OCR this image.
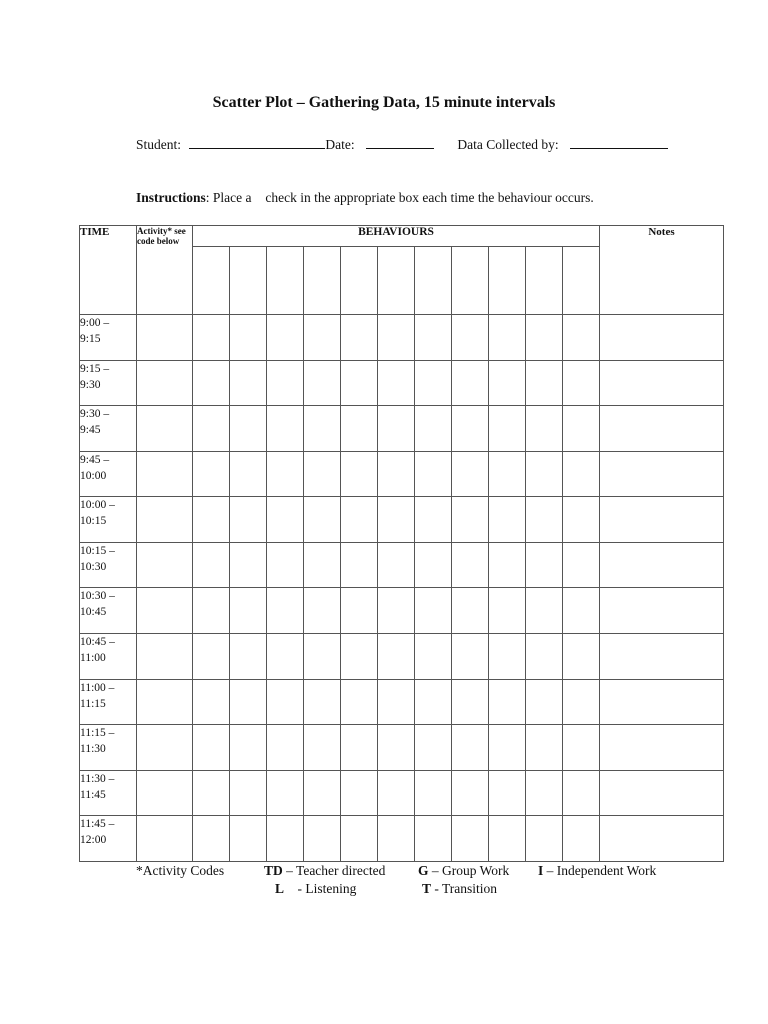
Scatter Plot – Gathering Data, 15 minute intervals
Student:	Date:	Data Collected by:
Instructions: Place a  check in the appropriate box each time the behaviour occurs.
TIME	Activity* see code below	BEHAVIOURS											Notes

9:00 –
9:15													

9:15 –
9:30													

9:30 –
9:45													

9:45 –
10:00													

10:00 –
10:15													

10:15 –
10:30													

10:30 –
10:45													

10:45 –
11:00													

11:00 –
11:15													

11:15 –
11:30													

11:30 –
11:45													

11:45 –
12:00													

*Activity Codes	TD – Teacher directed G – Group Work I – Independent Work
L    - Listening	T - Transition
